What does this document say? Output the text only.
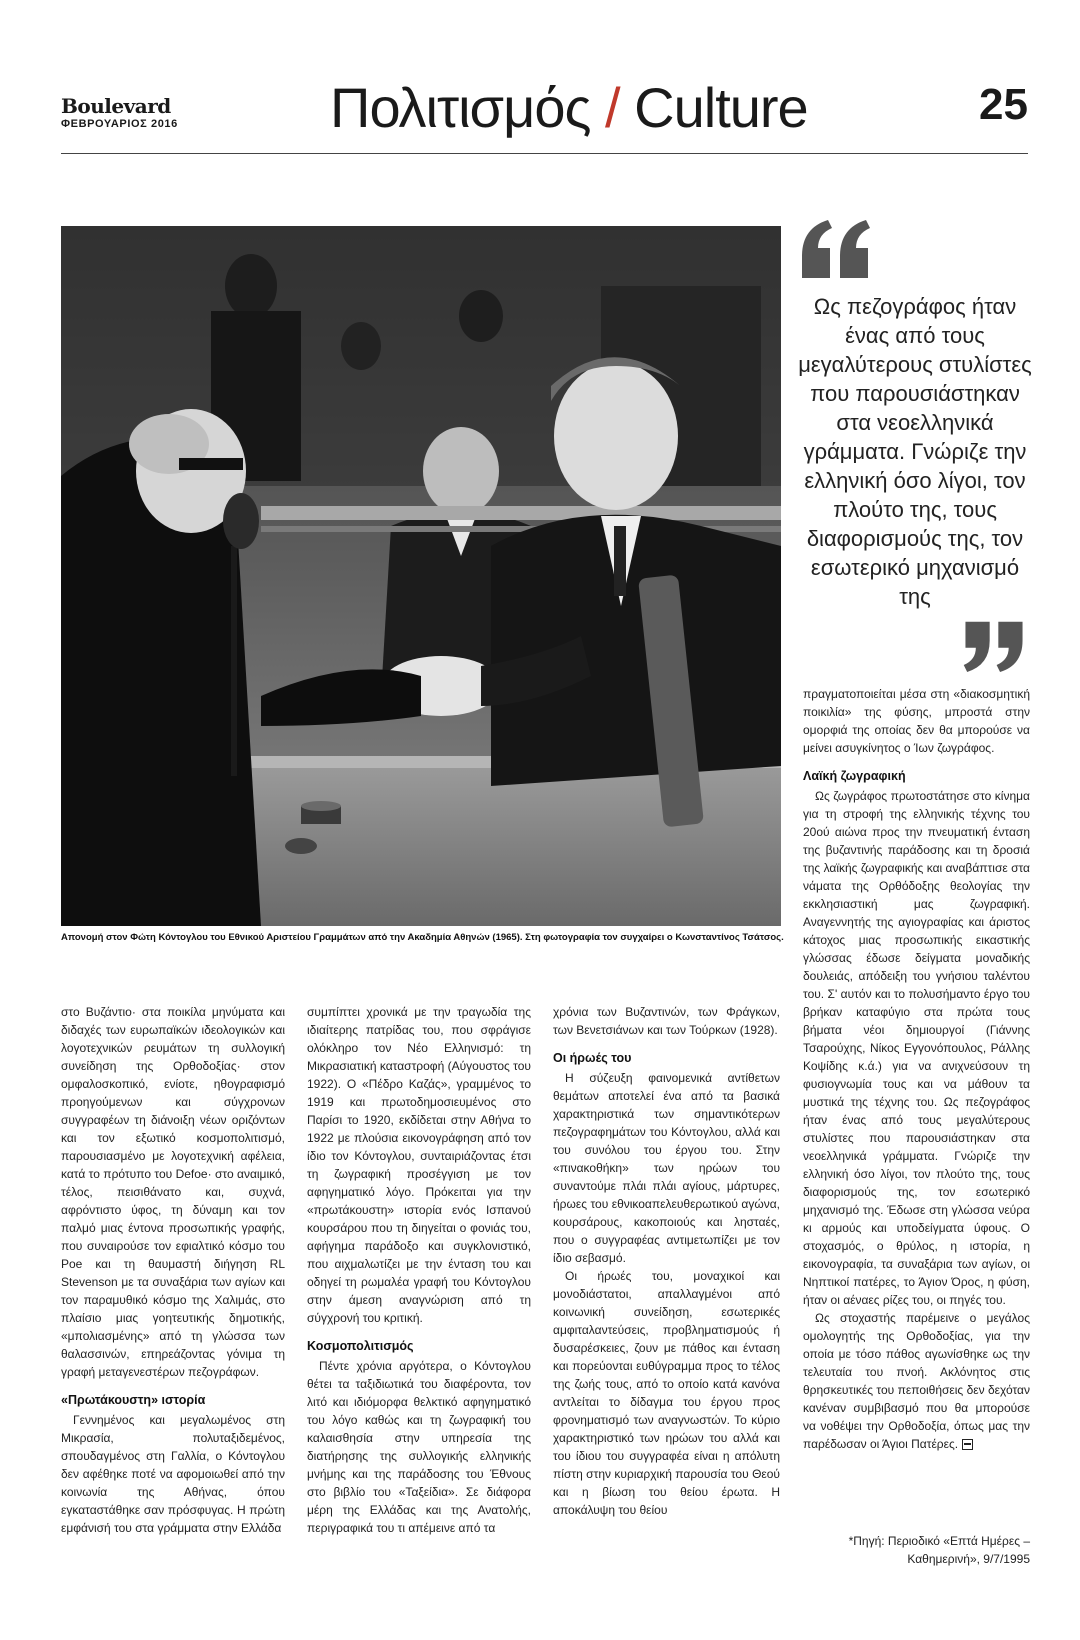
Boulevard
ΦΕΒΡΟΥΑΡΙΟΣ 2016	Πολιτισμός / Culture	25
Απονομή στον Φώτη Κόντογλου του Εθνικού Αριστείου Γραμμάτων από την Ακαδημία Αθηνών (1965). Στη φωτογραφία τον συγχαίρει ο Κωνσταντίνος Τσάτσος.
Ως πεζογράφος ήταν ένας από τους μεγαλύτερους στυλίστες που παρουσιάστηκαν στα νεοελληνικά γράμματα. Γνώριζε την ελληνική όσο λίγοι, τον πλούτο της, τους διαφορισμούς της, τον εσωτερικό μηχανισμό της

στο Βυζάντιο· στα ποικίλα μηνύματα και διδαχές των ευρωπαϊκών ιδεολογικών και λογοτεχνικών ρευμάτων τη συλλογική συνείδηση της Ορθοδοξίας· στον ομφαλοσκοπικό, ενίοτε, ηθογραφισμό προηγούμενων και σύγχρονων συγγραφέων τη διάνοιξη νέων οριζόντων και τον εξωτικό κοσμοπολιτισμό, παρουσιασμένο με λογοτεχνική αφέλεια, κατά το πρότυπο του Defoe· στο αναιμικό, τέλος, πεισιθάνατο και, συχνά, αφρόντιστο ύφος, τη δύναμη και τον παλμό μιας έντονα προσωπικής γραφής, που συναιρούσε τον εφιαλτικό κόσμο του Poe και τη θαυμαστή διήγηση RL Stevenson με τα συναξάρια των αγίων και τον παραμυθικό κόσμο της Χαλιμάς, στο πλαίσιο μιας γοητευτικής δημοτικής, «μπολιασμένης» από τη γλώσσα των θαλασσινών, επηρεάζοντας γόνιμα τη γραφή μεταγενεστέρων πεζογράφων.

«Πρωτάκουστη» ιστορία

Γεννημένος και μεγαλωμένος στη Μικρασία, πολυταξιδεμένος, σπουδαγμένος στη Γαλλία, ο Κόντογλου δεν αφέθηκε ποτέ να αφομοιωθεί από την κοινωνία της Αθήνας, όπου εγκαταστάθηκε σαν πρόσφυγας. Η πρώτη εμφάνισή του στα γράμματα στην Ελλάδα

συμπίπτει χρονικά με την τραγωδία της ιδιαίτερης πατρίδας του, που σφράγισε ολόκληρο τον Νέο Ελληνισμό: τη Μικρασιατική καταστροφή (Αύγουστος του 1922). Ο «Πέδρο Καζάς», γραμμένος το 1919 και πρωτοδημοσιευμένος στο Παρίσι το 1920, εκδίδεται στην Αθήνα το 1922 με πλούσια εικονογράφηση από τον ίδιο τον Κόντογλου, συνταιριάζοντας έτσι τη ζωγραφική προσέγγιση με τον αφηγηματικό λόγο. Πρόκειται για την «πρωτάκουστη» ιστορία ενός Ισπανού κουρσάρου που τη διηγείται ο φονιάς του, αφήγημα παράδοξο και συγκλονιστικό, που αιχμαλωτίζει με την ένταση του και οδηγεί τη ρωμαλέα γραφή του Κόντογλου στην άμεση αναγνώριση από τη σύγχρονή του κριτική.

Κοσμοπολιτισμός

Πέντε χρόνια αργότερα, ο Κόντογλου θέτει τα ταξιδιωτικά του διαφέροντα, τον λιτό και ιδιόμορφα θελκτικό αφηγηματικό του λόγο καθώς και τη ζωγραφική του καλαισθησία στην υπηρεσία της διατήρησης της συλλογικής ελληνικής μνήμης και της παράδοσης του Έθνους στο βιβλίο του «Ταξείδια». Σε διάφορα μέρη της Ελλάδας και της Ανατολής, περιγραφικά του τι απέμεινε από τα

χρόνια των Βυζαντινών, των Φράγκων, των Βενετσιάνων και των Τούρκων (1928).

Οι ήρωές του

Η σύζευξη φαινομενικά αντίθετων θεμάτων αποτελεί ένα από τα βασικά χαρακτηριστικά των σημαντικότερων πεζογραφημάτων του Κόντογλου, αλλά και του συνόλου του έργου του. Στην «πινακοθήκη» των ηρώων του συναντούμε πλάι πλάι αγίους, μάρτυρες, ήρωες του εθνικοαπελευθερωτικού αγώνα, κουρσάρους, κακοποιούς και λησταές, που ο συγγραφέας αντιμετωπίζει με τον ίδιο σεβασμό.

Οι ήρωές του, μοναχικοί και μονοδιάστατοι, απαλλαγμένοι από κοινωνική συνείδηση, εσωτερικές αμφιταλαντεύσεις, προβληματισμούς ή δυσαρέσκειες, ζουν με πάθος και ένταση και πορεύονται ευθύγραμμα προς το τέλος της ζωής τους, από το οποίο κατά κανόνα αντλείται το δίδαγμα του έργου προς φρονηματισμό των αναγνωστών. Το κύριο χαρακτηριστικό των ηρώων του αλλά και του ίδιου του συγγραφέα είναι η απόλυτη πίστη στην κυριαρχική παρουσία του Θεού και η βίωση του θείου έρωτα. Η αποκάλυψη του θείου

πραγματοποιείται μέσα στη «διακοσμητική ποικιλία» της φύσης, μπροστά στην ομορφιά της οποίας δεν θα μπορούσε να μείνει ασυγκίνητος ο Ίων ζωγράφος.

Λαϊκή ζωγραφική

Ως ζωγράφος πρωτοστάτησε στο κίνημα για τη στροφή της ελληνικής τέχνης του 20ού αιώνα προς την πνευματική ένταση της βυζαντινής παράδοσης και τη δροσιά της λαϊκής ζωγραφικής και αναβάπτισε στα νάματα της Ορθόδοξης θεολογίας την εκκλησιαστική μας ζωγραφική. Αναγεννητής της αγιογραφίας και άριστος κάτοχος μιας προσωπικής εικαστικής γλώσσας έδωσε δείγματα μοναδικής δουλειάς, απόδειξη του γνήσιου ταλέντου του. Σ' αυτόν και το πολυσήμαντο έργο του βρήκαν καταφύγιο στα πρώτα τους βήματα νέοι δημιουργοί (Γιάννης Τσαρούχης, Νίκος Εγγονόπουλος, Ράλλης Κοψίδης κ.ά.) για να ανιχνεύσουν τη φυσιογνωμία τους και να μάθουν τα μυστικά της τέχνης του. Ως πεζογράφος ήταν ένας από τους μεγαλύτερους στυλίστες που παρουσιάστηκαν στα νεοελληνικά γράμματα. Γνώριζε την ελληνική όσο λίγοι, τον πλούτο της, τους διαφορισμούς της, τον εσωτερικό μηχανισμό της. Έδωσε στη γλώσσα νεύρα κι αρμούς και υποδείγματα ύφους. Ο στοχασμός, ο θρύλος, η ιστορία, η εικονογραφία, τα συναξάρια των αγίων, οι Νηπτικοί πατέρες, το Άγιον Όρος, η φύση, ήταν οι αέναες ρίζες του, οι πηγές του.

Ως στοχαστής παρέμεινε ο μεγάλος ομολογητής της Ορθοδοξίας, για την οποία με τόσο πάθος αγωνίσθηκε ως την τελευταία του πνοή. Ακλόνητος στις θρησκευτικές του πεποιθήσεις δεν δεχόταν κανέναν συμβιβασμό που θα μπορούσε να νοθέψει την Ορθοδοξία, όπως μας την παρέδωσαν οι Άγιοι Πατέρες.

*Πηγή: Περιοδικό «Επτά Ημέρες – Καθημερινή», 9/7/1995
